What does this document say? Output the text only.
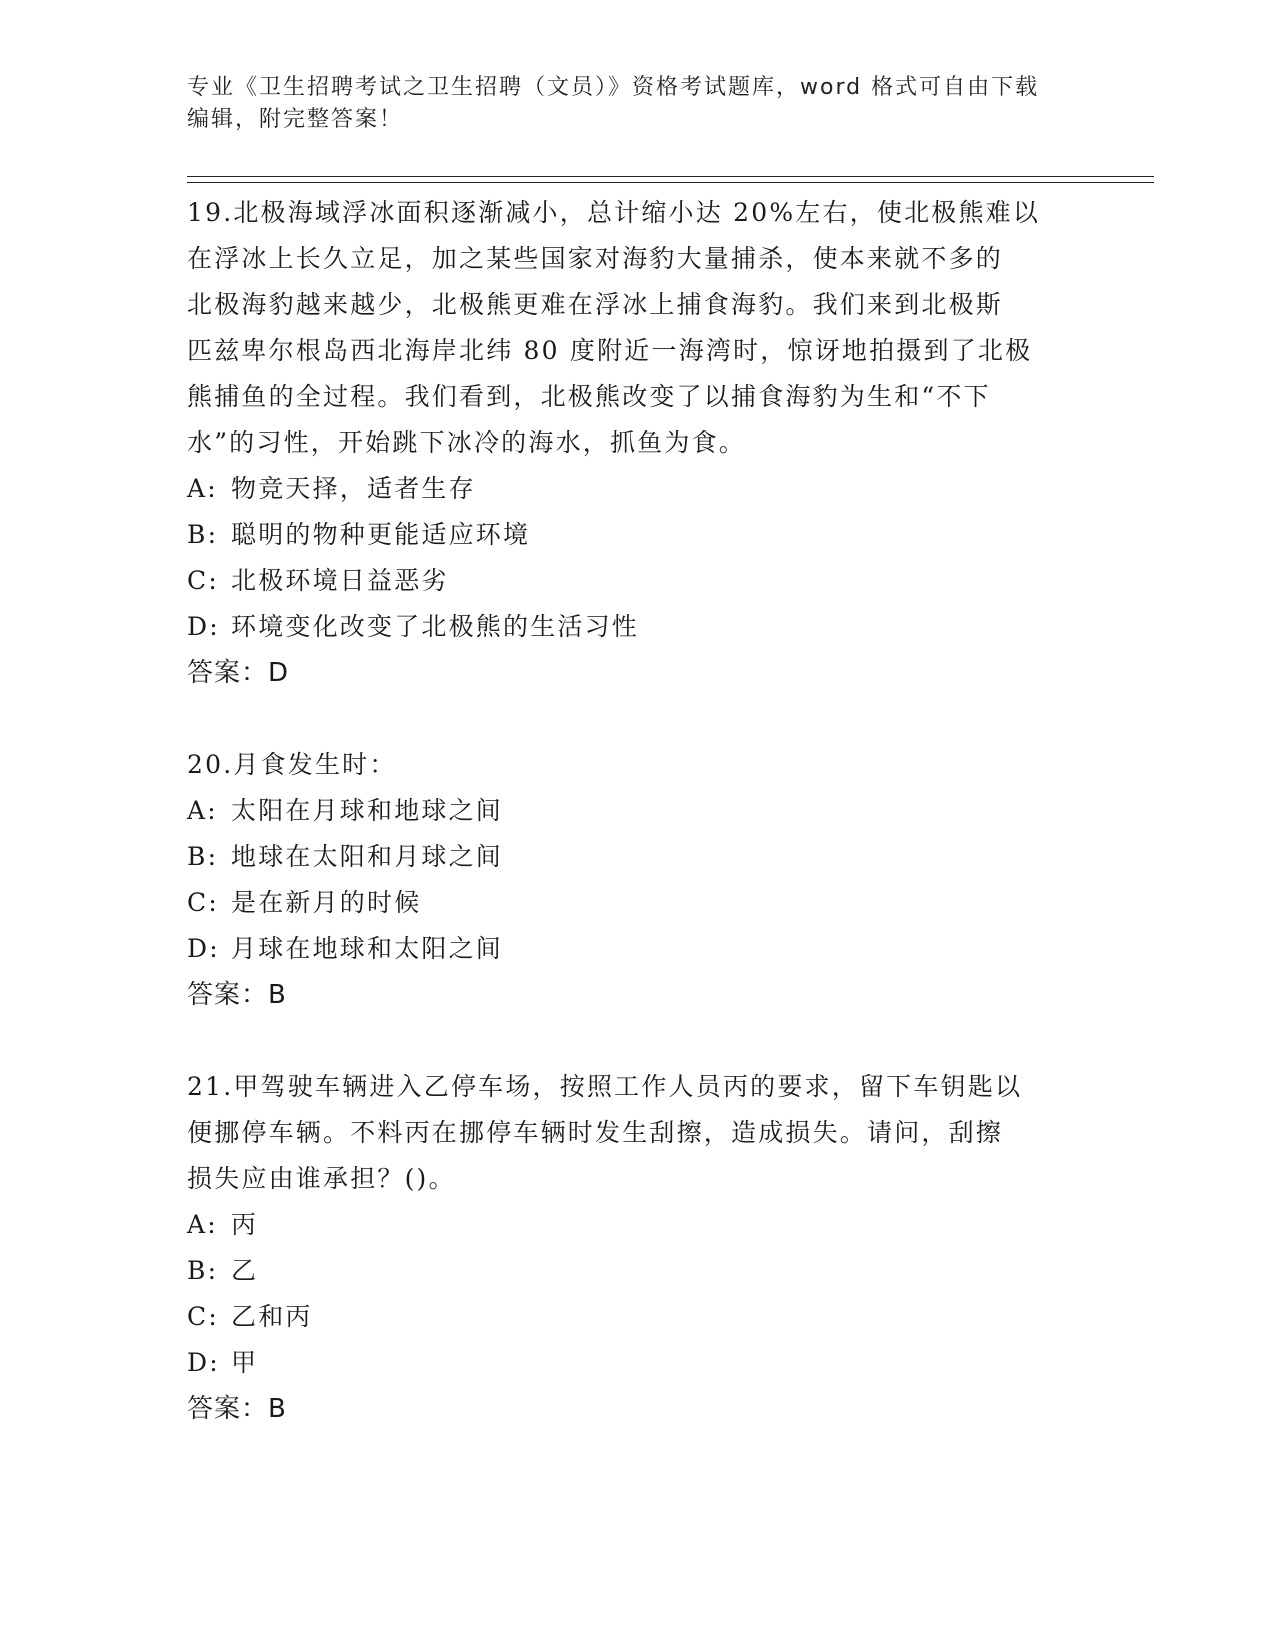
专业《卫生招聘考试之卫生招聘（文员）》资格考试题库，word 格式可自由下载
编辑，附完整答案！

19.北极海域浮冰面积逐渐减小，总计缩小达 20%左右，使北极熊难以

在浮冰上长久立足，加之某些国家对海豹大量捕杀，使本来就不多的

北极海豹越来越少，北极熊更难在浮冰上捕食海豹。我们来到北极斯

匹兹卑尔根岛西北海岸北纬 80 度附近一海湾时，惊讶地拍摄到了北极

熊捕鱼的全过程。我们看到，北极熊改变了以捕食海豹为生和“不下

水”的习性，开始跳下冰冷的海水，抓鱼为食。

A: 物竞天择，适者生存

B: 聪明的物种更能适应环境

C: 北极环境日益恶劣

D: 环境变化改变了北极熊的生活习性

答案：D

20.月食发生时：

A: 太阳在月球和地球之间

B: 地球在太阳和月球之间

C: 是在新月的时候

D: 月球在地球和太阳之间

答案：B

21.甲驾驶车辆进入乙停车场，按照工作人员丙的要求，留下车钥匙以

便挪停车辆。不料丙在挪停车辆时发生刮擦，造成损失。请问，刮擦

损失应由谁承担？()。

A: 丙

B: 乙

C: 乙和丙

D: 甲

答案：B
